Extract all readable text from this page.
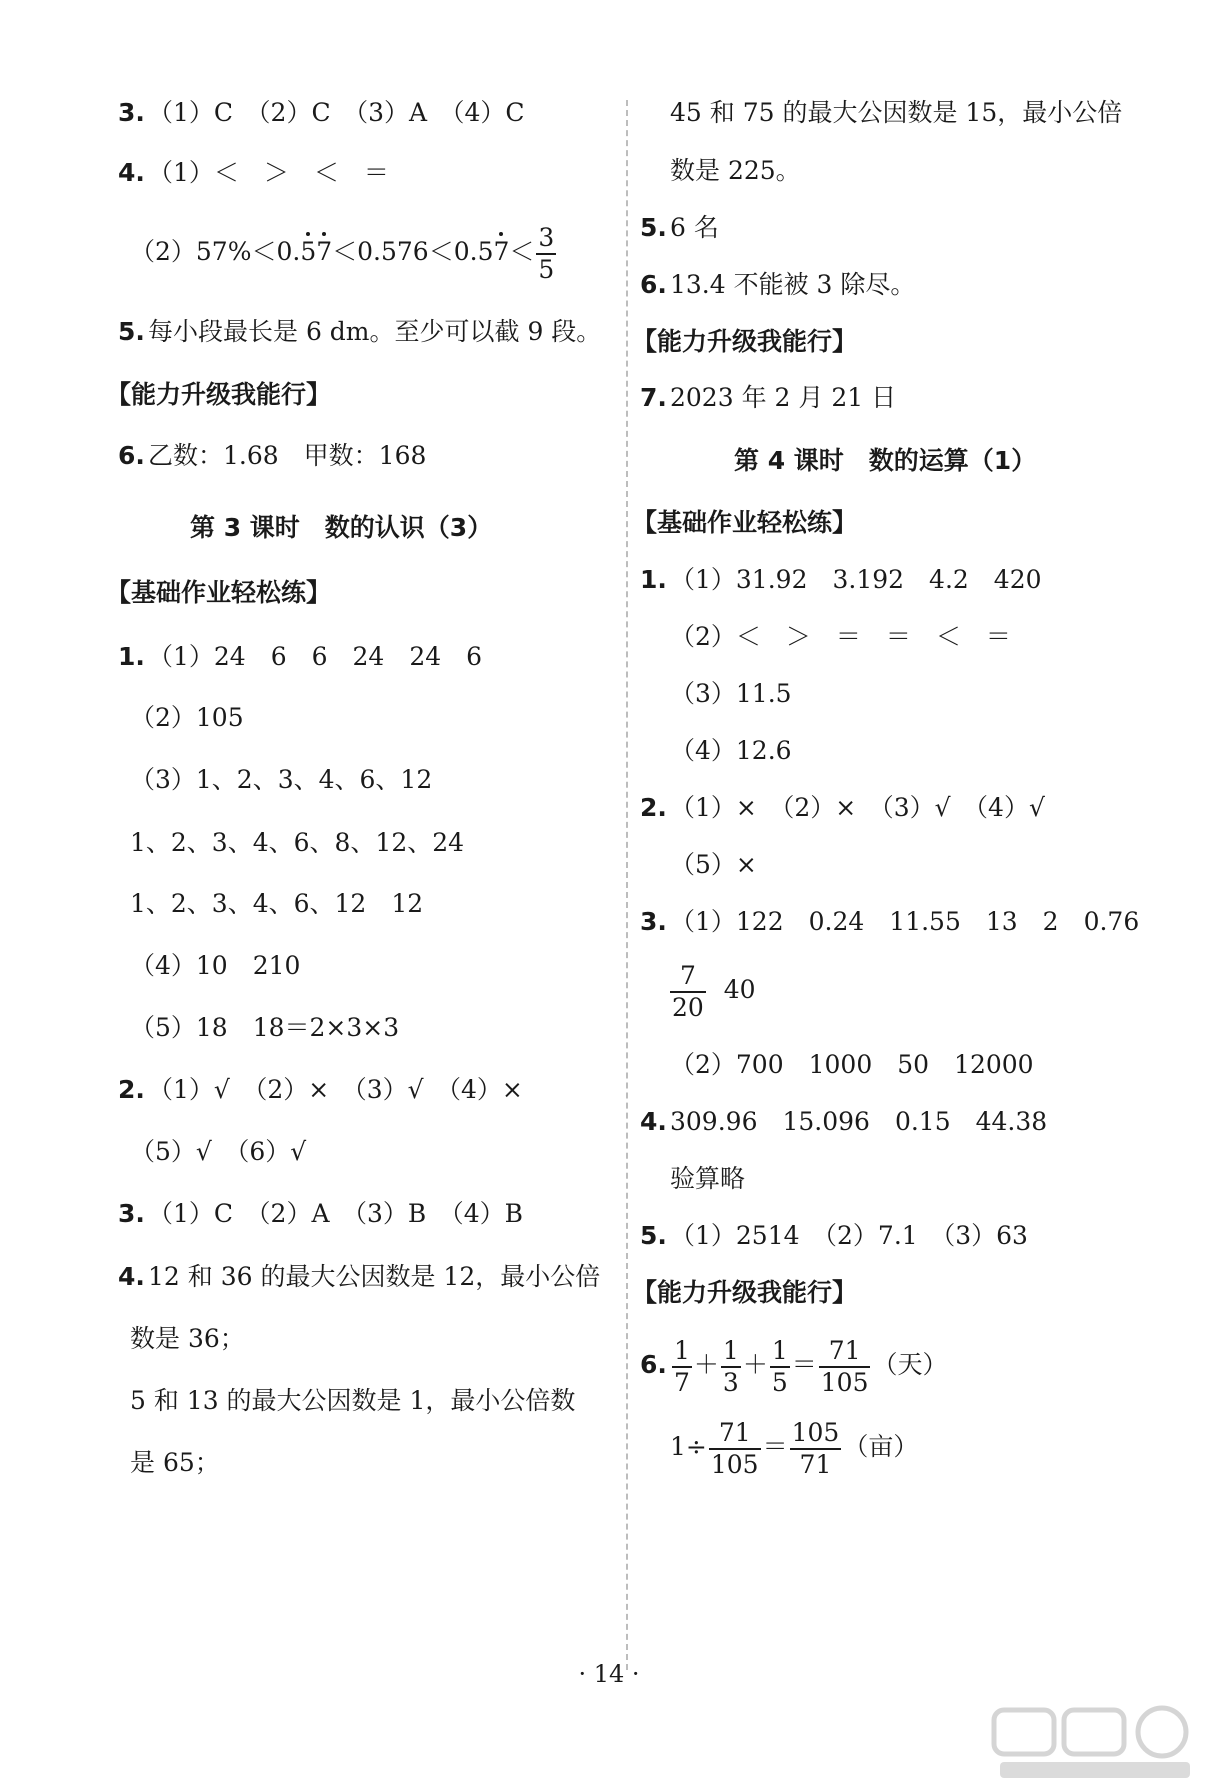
3. （1）C　（2）C　（3）A　（4）C
4. （1）＜　＞　＜　＝
$(2)57\%<0.57<0.576<0.57< \frac{3}{5}$
5. 每小段最长是 6 dm。至少可以截 9 段。
【能力升级我能行】
6. 乙数：1.68　甲数：168
第 3 课时　数的认识（3）
【基础作业轻松练】
1. （1）24　6　6　24　24　6
（2）105
（3）1、2、3、4、6、12
1、2、3、4、6、8、12、24
1、2、3、4、6、12　12
（4）10　210
（5）18　18＝2×3×3
2. （1）√　（2）×　（3）√　（4）×
（5）√　（6）√
3. （1）C　（2）A　（3）B　（4）B
4. 12 和 36 的最大公因数是 12，最小公倍
数是 36；
5 和 13 的最大公因数是 1，最小公倍数
是 65；
45 和 75 的最大公因数是 15，最小公倍
数是 225。
5. 6 名
6. 13.4 不能被 3 除尽。
【能力升级我能行】
7. 2023 年 2 月 21 日
第 4 课时　数的运算（1）
【基础作业轻松练】
1. （1）31.92　3.192　4.2　420
（2）＜　＞　＝　＝　＜　＝
（3）11.5
（4）12.6
2. （1）×　（2）×　（3）√　（4）√
（5）×
3. （1）122　0.24　11.55　13　2　0.76
$\frac{7}{20} 40$
（2）700　1000　50　12000
4. 309.96　15.096　0.15　44.38
验算略
5. （1）2514　（2）7.1　（3）63
【能力升级我能行】
6. $\frac{1}{7} + \frac{1}{3} + \frac{1}{5} = \frac{71}{105}$ （天）
$1\div \frac{71}{105} = \frac{105}{71}$ （亩）
· 14 ·
